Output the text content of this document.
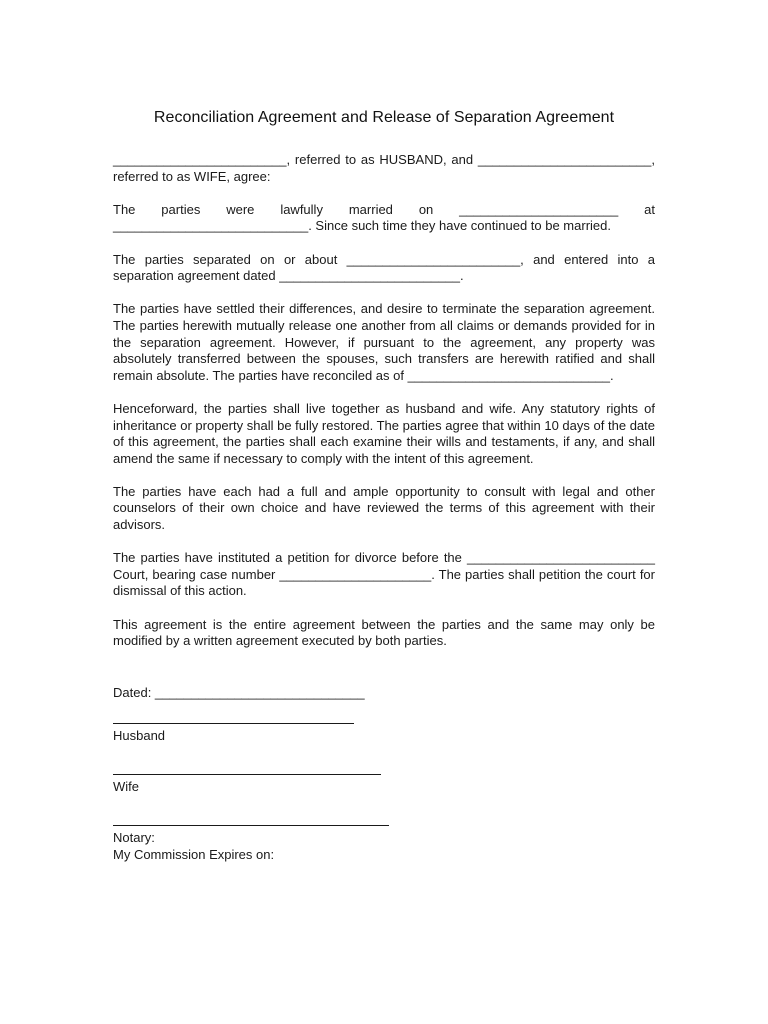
Reconciliation Agreement and Release of Separation Agreement

________________________, referred to as HUSBAND, and ________________________, referred to as WIFE, agree:

The parties were lawfully married on ______________________ at ___________________________. Since such time they have continued to be married.

The parties separated on or about ________________________, and entered into a separation agreement dated _________________________.

The parties have settled their differences, and desire to terminate the separation agreement. The parties herewith mutually release one another from all claims or demands provided for in the separation agreement. However, if pursuant to the agreement, any property was absolutely transferred between the spouses, such transfers are herewith ratified and shall remain absolute. The parties have reconciled as of ____________________________.

Henceforward, the parties shall live together as husband and wife. Any statutory rights of inheritance or property shall be fully restored. The parties agree that within 10 days of the date of this agreement, the parties shall each examine their wills and testaments, if any, and shall amend the same if necessary to comply with the intent of this agreement.

The parties have each had a full and ample opportunity to consult with legal and other counselors of their own choice and have reviewed the terms of this agreement with their advisors.

The parties have instituted a petition for divorce before the __________________________ Court, bearing case number _____________________. The parties shall petition the court for dismissal of this action.

This agreement is the entire agreement between the parties and the same may only be modified by a written agreement executed by both parties.

Dated: _____________________________
Husband
Wife
Notary:
My Commission Expires on:
